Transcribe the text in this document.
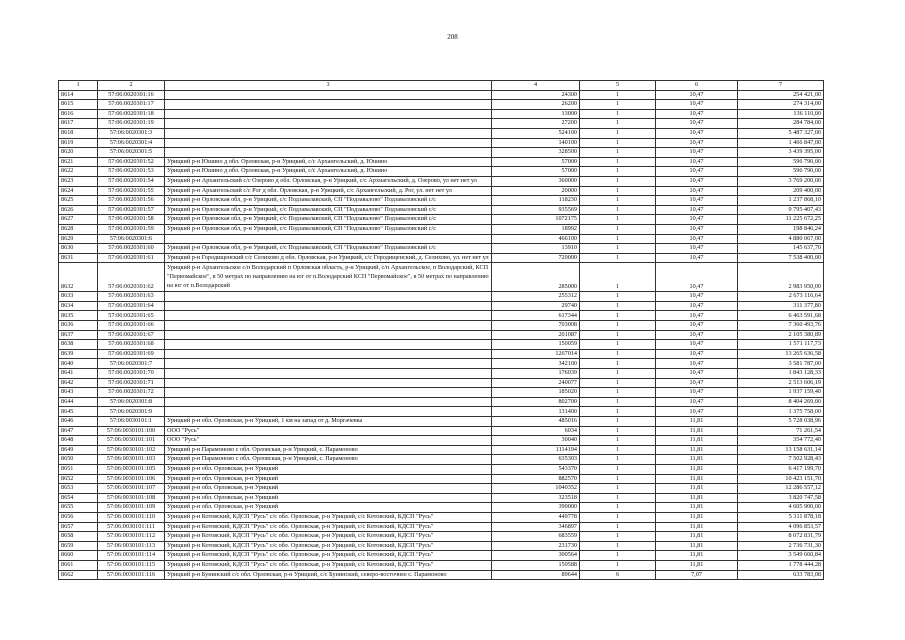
208
1	2	3	4	5	6	7
8614	57:06:0020301:16		24300	1	10,47	254 421,00
8615	57:06:0020301:17		26200	1	10,47	274 314,00
8616	57:06:0020301:18		13000	1	10,47	136 110,00
8617	57:06:0020301:19		27200	1	10,47	284 784,00
8618	57:06:0020301:3		524100	1	10,47	5 487 327,00
8619	57:06:0020301:4		140100	1	10,47	1 466 847,00
8620	57:06:0020301:5		328500	1	10,47	3 439 395,00
8621	57:06:0020301:52	Урицкий р-н Юшино д обл. Орловская, р-н Урицкий, с/с Архангельский, д. Юшино	57000	1	10,47	596 790,00
8622	57:06:0020301:53	Урицкий р-н Юшино д обл. Орловская, р-н Урицкий, с/с Архангельский, д. Юшино	57000	1	10,47	596 790,00
8623	57:06:0020301:54	Урицкий р-н Архангельский с/с Озерово д обл. Орловская, р-н Урицкий, с/с Архнагельский, д. Озерово, ул нет нет ул	360000	1	10,47	3 769 200,00
8624	57:06:0020301:55	Урицкий р-н Архангельский с/с Рог д обл. Орловская, р-н Урицкий, с/с Архангельский, д. Рог, ул. нет нет ул	20000	1	10,47	209 400,00
8625	57:06:0020301:56	Урицкий р-н Орловская обл, р-н Урицкий, с/с Подзавалавский, СП "Подзавалово" Подзаваловский с/с	118230	1	10,47	1 237 868,10
8626	57:06:0020301:57	Урицкий р-н Орловская обл, р-н Урицкий, с/с Подзавалавский, СП "Подзавалово" Подзаваловский с/с	935569	1	10,47	9 795 407,43
8627	57:06:0020301:58	Урицкий р-н Орловская обл, р-н Урицкий, с/с Подзавалавский, СП "Подзавалово" Подзаваловский с/с	1072175	1	10,47	11 225 672,25
8628	57:06:0020301:59	Урицкий р-н Орловская обл, р-н Урицкий, с/с Подзавалавский, СП "Подзавалово" Подзаваловский с/с	18992	1	10,47	198 846,24
8629	57:06:0020301:6		466100	1	10,47	4 880 067,00
8630	57:06:0020301:60	Урицкий р-н Орловская обл, р-н Урицкий, с/с Подзавалавский, СП "Подзавалово" Подзаваловский с/с	13910	1	10,47	145 637,70
8631	57:06:0020301:61	Урицкий р-н Городищенский с/с Селихово д обл. Орловская, р-н Урицкий, с/с Городищенский, д. Селихово, ул. нет нет ул	720000	1	10,47	7 538 400,00
8632	57:06:0020301:62	Урицкий р-н Архангельское с/п Володарский п Орловская область, р-н Урицкий, с/п Архангельское, п Володарский, КСП "Первомайское", в 50 метрах по направлению на юг от п.Володарский КСП "Первомайское", в 50 метрах по направлению на юг от п.Володарский	285000	1	10,47	2 983 950,00
8633	57:06:0020301:63		255312	1	10,47	2 673 116,64
8634	57:06:0020301:64		29740	1	10,47	311 377,80
8635	57:06:0020301:65		617344	1	10,47	6 463 591,68
8636	57:06:0020301:66		703008	1	10,47	7 360 493,76
8637	57:06:0020301:67		201087	1	10,47	2 105 380,89
8638	57:06:0020301:68		150059	1	10,47	1 571 117,73
8639	57:06:0020301:69		1267014	1	10,47	13 265 636,58
8640	57:06:0020301:7		342100	1	10,47	3 581 787,00
8641	57:06:0020301:70		176039	1	10,47	1 843 128,33
8642	57:06:0020301:71		240077	1	10,47	2 513 606,19
8643	57:06:0020301:72		185020	1	10,47	1 937 159,40
8644	57:06:0020301:8		802700	1	10,47	8 404 269,00
8645	57:06:0020301:9		131400	1	10,47	1 375 758,00
8646	57:06:0030101:1	Урицкий р-н обл. Орловская, р-н Урицкий, 1 км на запад от д. Моргачевка	485016	1	11,81	5 728 038,96
8647	57:06:0030101:100	ООО "Русь"	6034	1	11,81	71 261,54
8648	57:06:0030101:101	ООО "Русь"	30040	1	11,81	354 772,40
8649	57:06:0030101:102	Урицкий р-н Парамоново с обл. Орловская, р-н Урицкий, с. Парамоново	1114194	1	11,81	13 158 631,14
8650	57:06:0030101:103	Урицкий р-н Парамоново с обл. Орловская, р-н Урицкий, с. Парамоново	635303	1	11,81	7 502 928,43
8651	57:06:0030101:105	Урицкий р-н обл. Орловская, р-н Урицкий	543370	1	11,81	6 417 199,70
8652	57:06:0030101:106	Урицкий р-н обл. Орловская, р-н Урицкий	882570	1	11,81	10 423 151,70
8653	57:06:0030101:107	Урицкий р-н обл. Орловская, р-н Урицкий	1040352	1	11,81	12 286 557,12
8654	57:06:0030101:108	Урицкий р-н обл. Орловская, р-н Урицкий	323518	1	11,81	3 820 747,58
8655	57:06:0030101:109	Урицкий р-н обл. Орловская, р-н Урицкий	390000	1	11,81	4 605 900,00
8656	57:06:0030101:110	Урицкий р-н Котовский, КДСП "Русь" с/с обл. Орловская, р-н Урицкий, с/с Котовский, КДСП "Русь"	449778	1	11,81	5 311 878,18
8657	57:06:0030101:111	Урицкий р-н Котовский, КДСП "Русь" с/с обл. Орловская, р-н Урицкий, с/с Котовский, КДСП "Русь"	346897	1	11,81	4 096 853,57
8658	57:06:0030101:112	Урицкий р-н Котовский, КДСП "Русь" с/с обл. Орловская, р-н Урицкий, с/с Котовский, КДСП "Русь"	683559	1	11,81	8 072 831,79
8659	57:06:0030101:113	Урицкий р-н Котовский, КДСП "Русь" с/с обл. Орловская, р-н Урицкий, с/с Котовский, КДСП "Русь"	231730	1	11,81	2 736 731,30
8660	57:06:0030101:114	Урицкий р-н Котовский, КДСП "Русь" с/с обл. Орловская, р-н Урицкий, с/с Котовский, КДСП "Русь"	300564	1	11,81	3 549 660,84
8661	57:06:0030101:115	Урицкий р-н Котовский, КДСП "Русь" с/с обл. Орловская, р-н Урицкий, с/с Котовский, КДСП "Русь"	150588	1	11,81	1 778 444,28
8662	57:06:0030101:116	Урицкий р-н Бунинский с/с обл. Орловская, р-н Урицкий, с/с Бунинский, северо-восточнее с. Парамоново	89644	6	7,07	633 783,08
